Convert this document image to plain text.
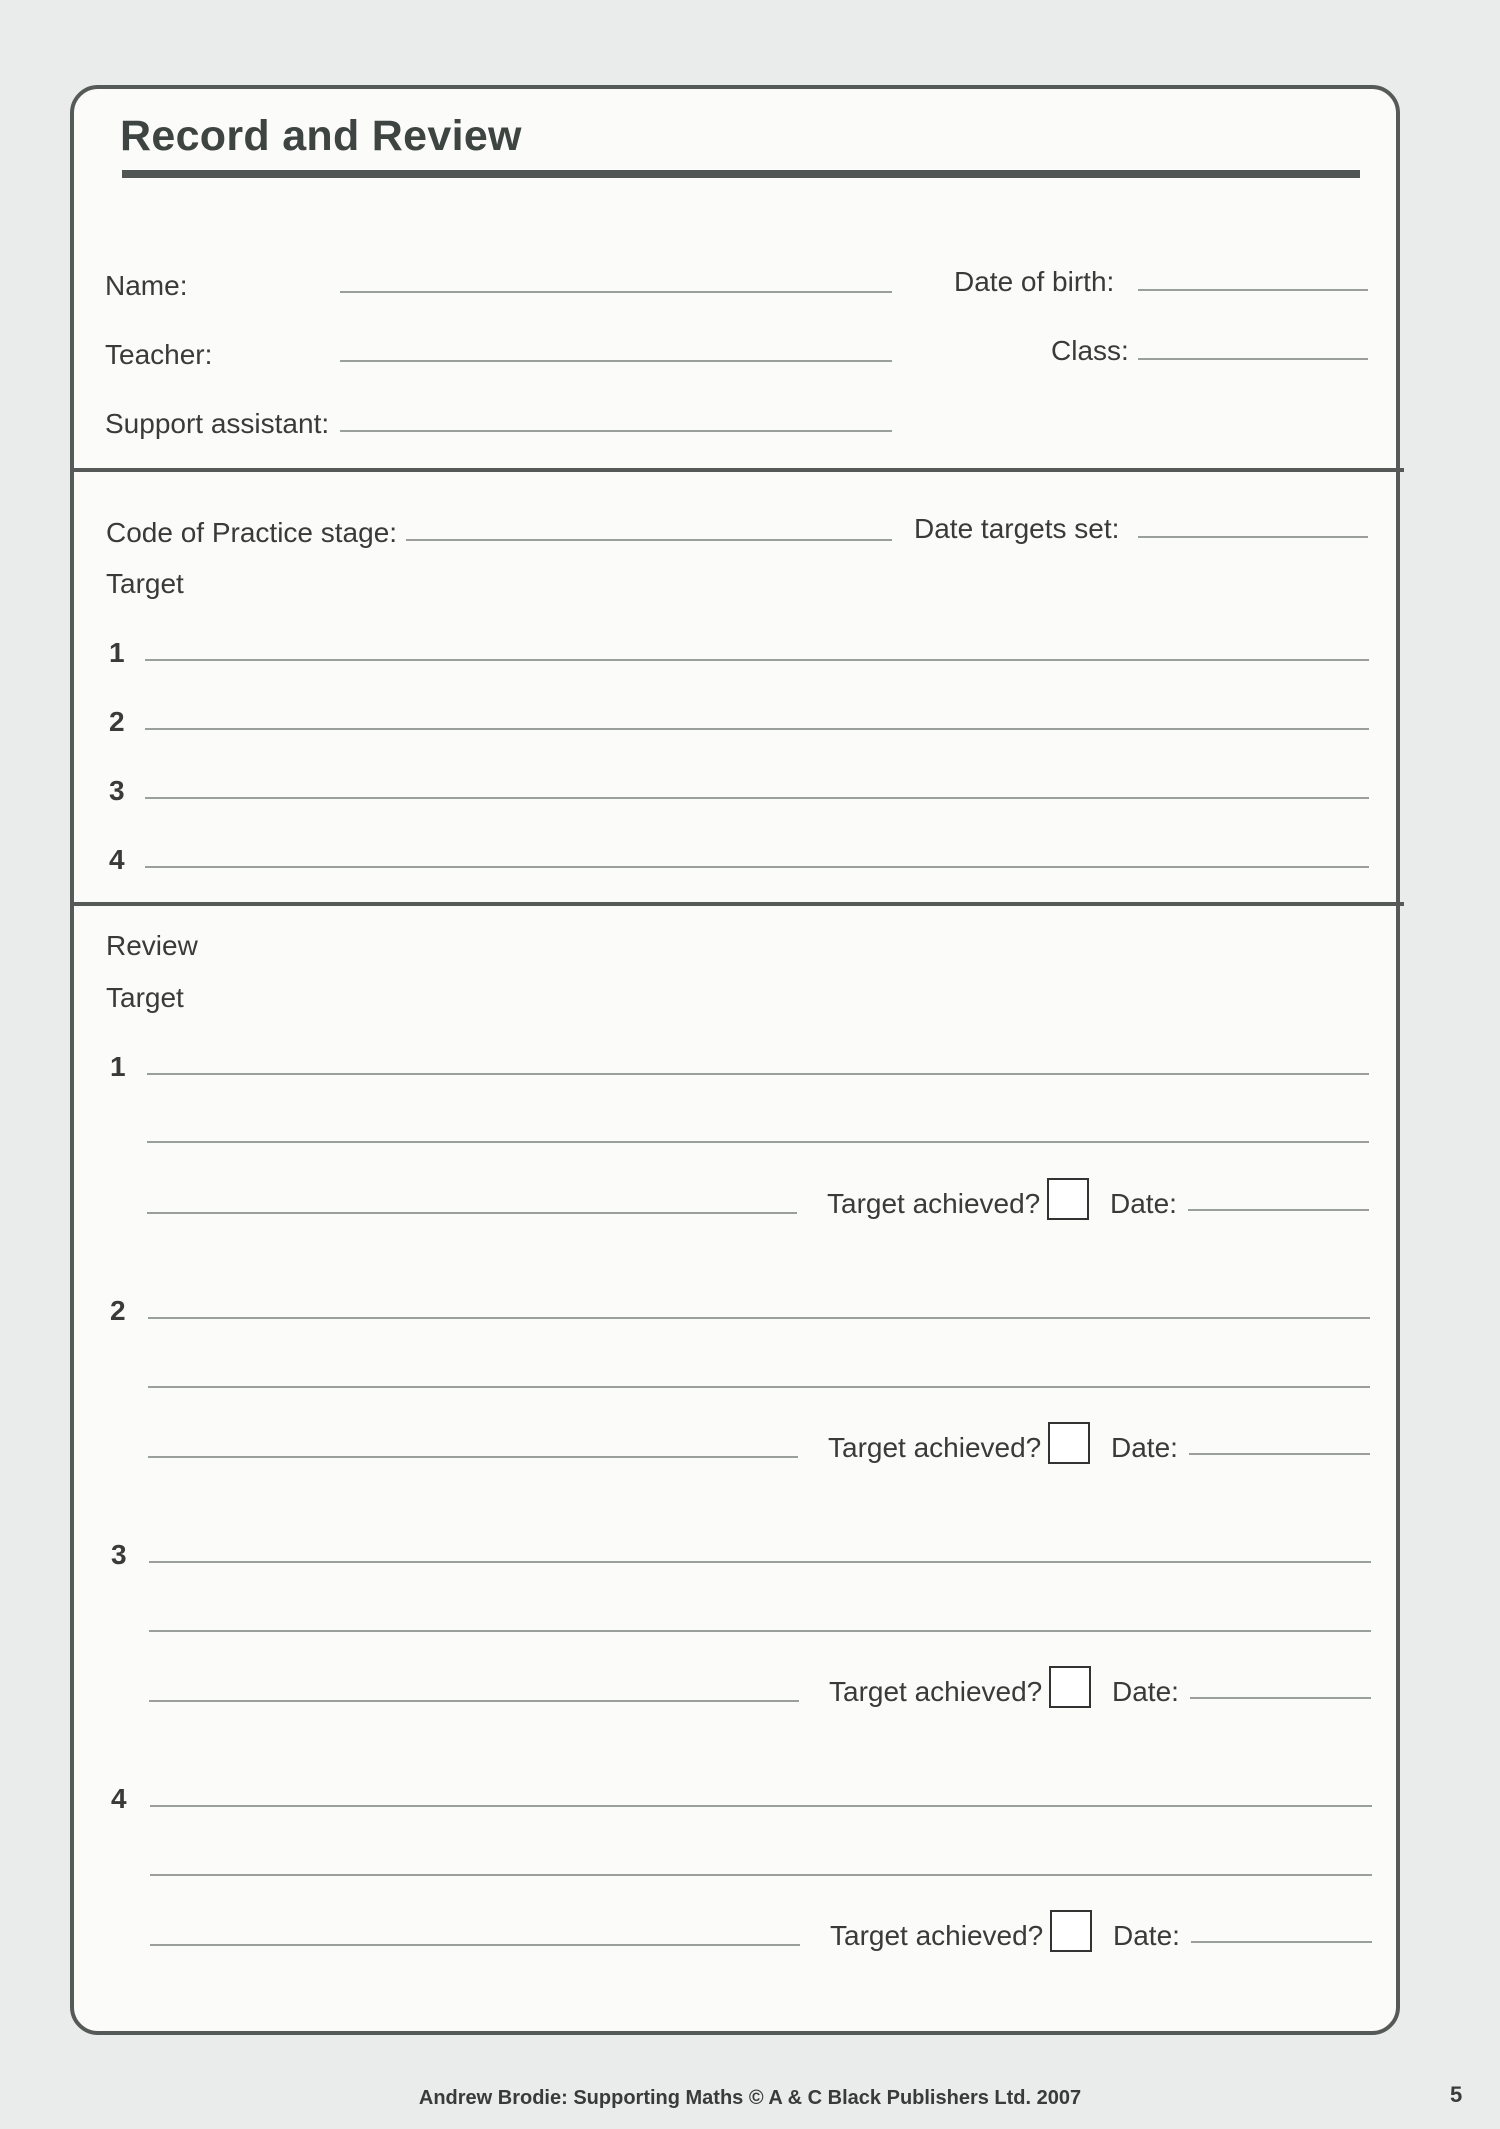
Record and Review
Name:	Date of birth:
Teacher:	Class:
Support assistant:
Code of Practice stage:	Date targets set:
Target
1
2
3
4
Review
Target
1
Target achieved? Date:
2
Target achieved? Date:
3
Target achieved? Date:
4
Target achieved? Date:
Andrew Brodie: Supporting Maths © A & C Black Publishers Ltd. 2007	5
